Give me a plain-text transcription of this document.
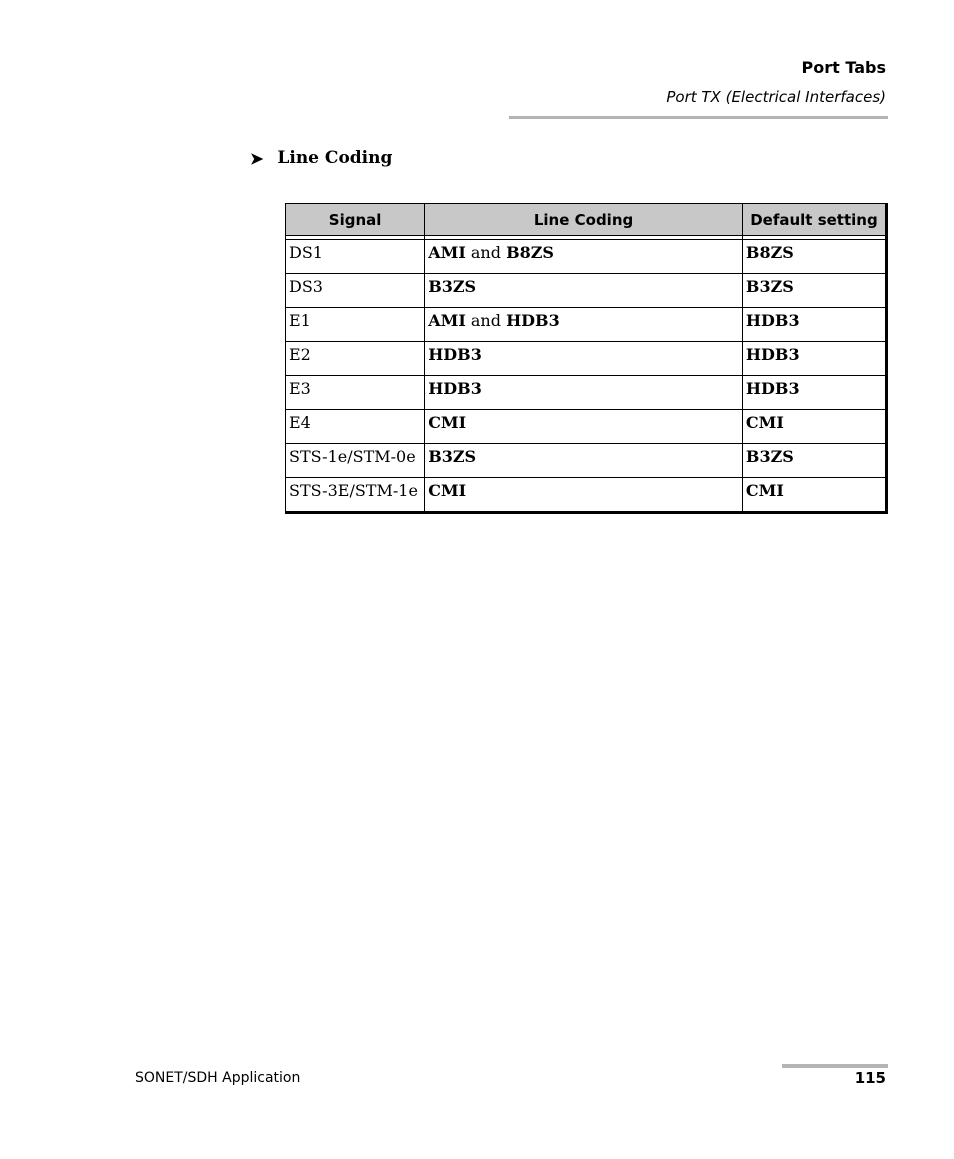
Port Tabs
Port TX (Electrical Interfaces)
➤ Line Coding
Signal	Line Coding	Default setting

DS1	AMI and B8ZS	B8ZS
DS3	B3ZS	B3ZS
E1	AMI and HDB3	HDB3
E2	HDB3	HDB3
E3	HDB3	HDB3
E4	CMI	CMI
STS-1e/STM-0e	B3ZS	B3ZS
STS-3E/STM-1e	CMI	CMI
SONET/SDH Application	115
